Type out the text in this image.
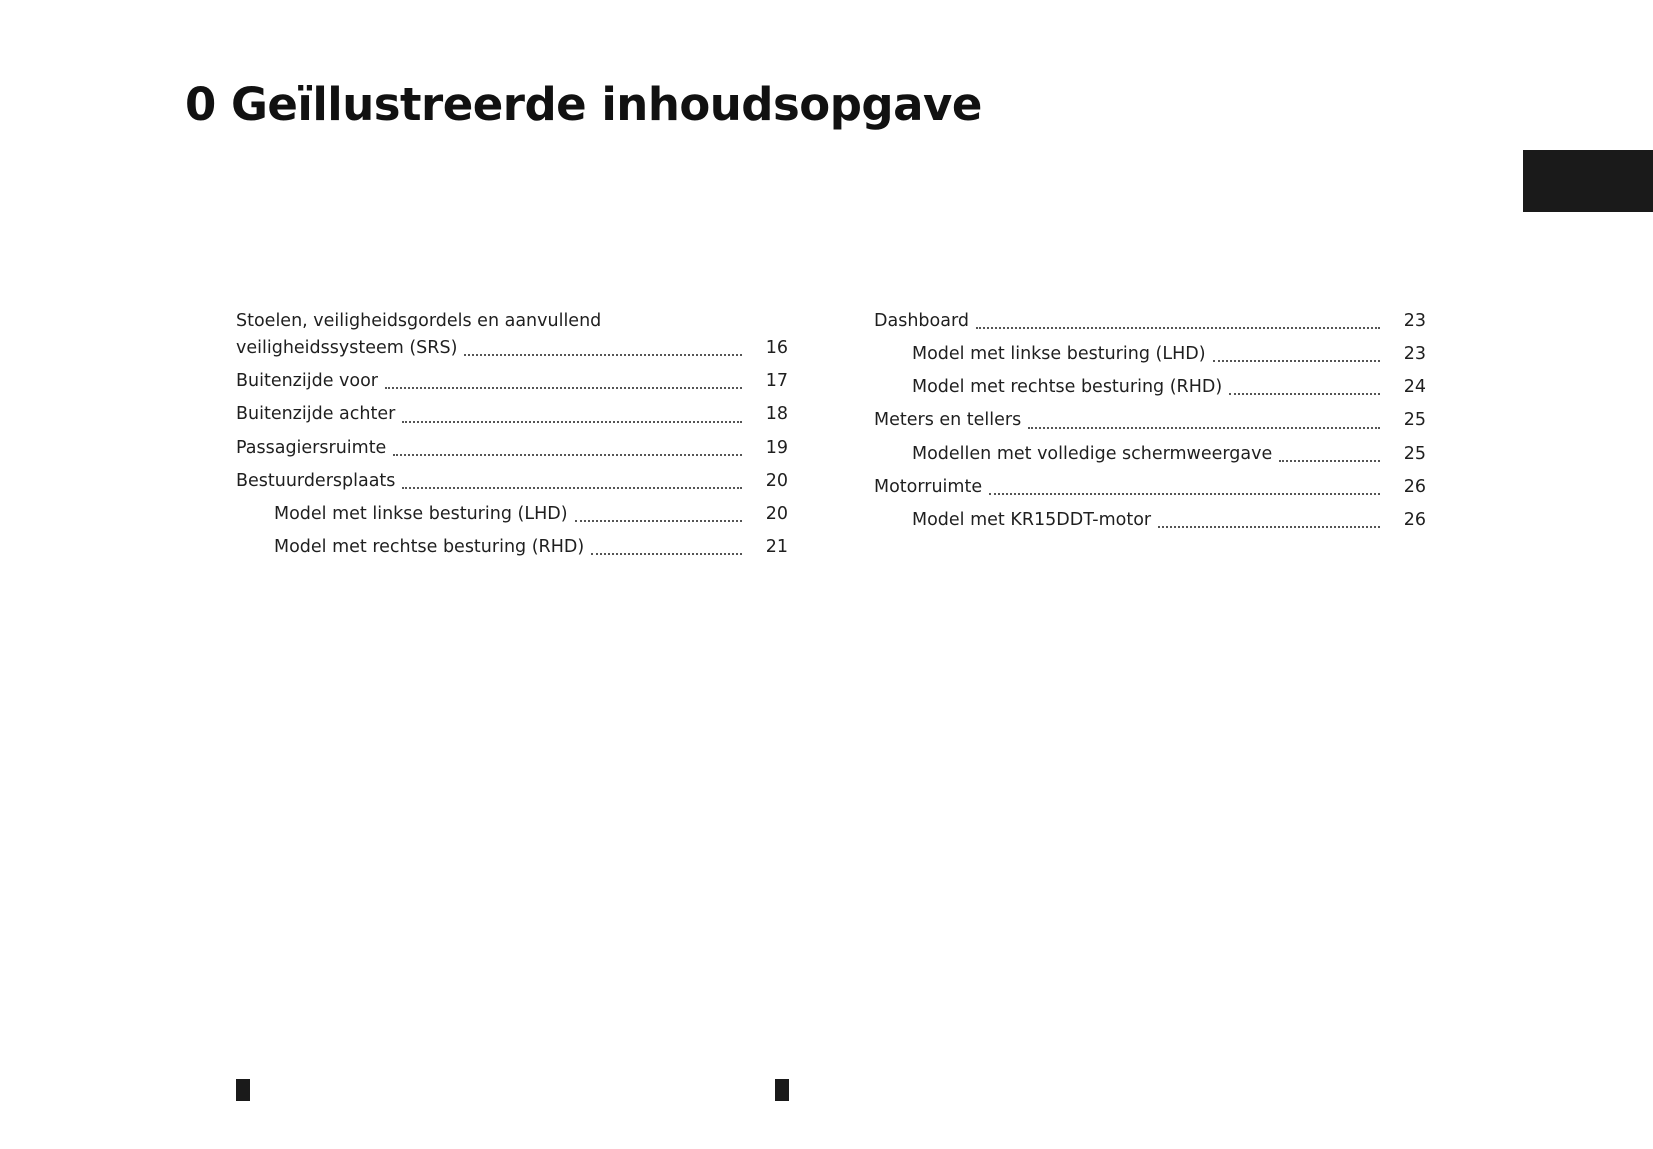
0 Geïllustreerde inhoudsopgave
Stoelen, veiligheidsgordels en aanvullend
veiligheidssysteem (SRS)	16
Buitenzijde voor	17
Buitenzijde achter	18
Passagiersruimte	19
Bestuurdersplaats	20
Model met linkse besturing (LHD)	20
Model met rechtse besturing (RHD)	21
Dashboard	23
Model met linkse besturing (LHD)	23
Model met rechtse besturing (RHD)	24
Meters en tellers	25
Modellen met volledige schermweergave	25
Motorruimte	26
Model met KR15DDT-motor	26
